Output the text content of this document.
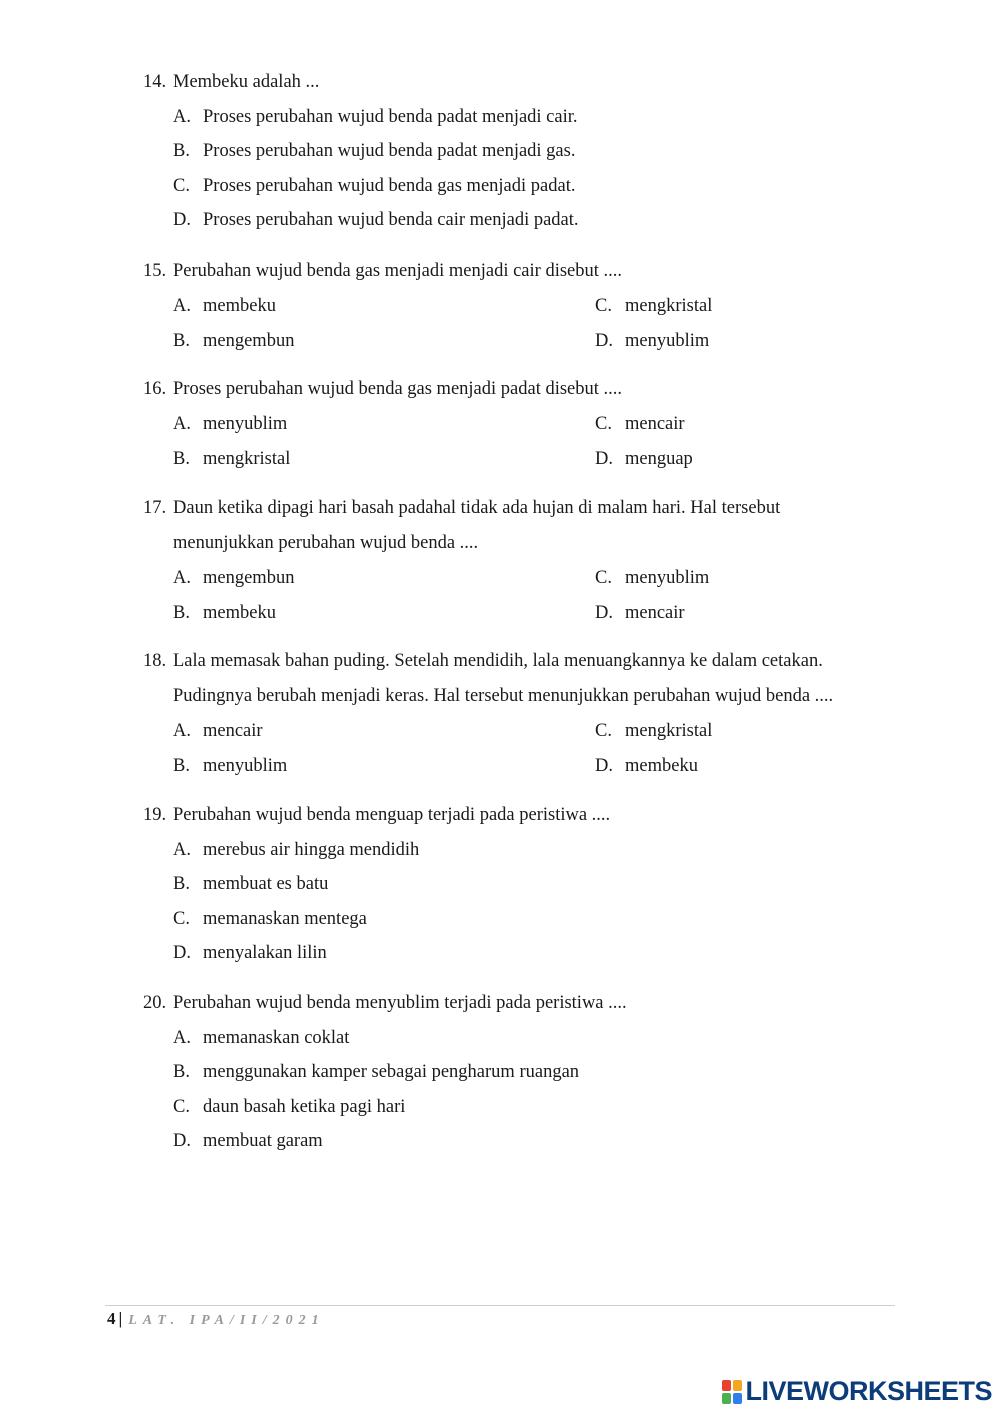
14. Membeku adalah ...
A. Proses perubahan wujud benda padat menjadi cair.
B. Proses perubahan wujud benda padat menjadi gas.
C. Proses perubahan wujud benda gas menjadi padat.
D. Proses perubahan wujud benda cair menjadi padat.
15. Perubahan wujud benda gas menjadi menjadi cair disebut ....
A. membeku	C. mengkristal
B. mengembun	D. menyublim
16. Proses perubahan wujud benda gas menjadi padat disebut ....
A. menyublim	C. mencair
B. mengkristal	D. menguap
17. Daun ketika dipagi hari basah padahal tidak ada hujan di malam hari. Hal tersebut
menunjukkan perubahan wujud benda ....
A. mengembun	C. menyublim
B. membeku	D. mencair
18. Lala memasak bahan puding. Setelah mendidih, lala menuangkannya ke dalam cetakan.
Pudingnya berubah menjadi keras. Hal tersebut menunjukkan perubahan wujud benda ....
A. mencair	C. mengkristal
B. menyublim	D. membeku
19. Perubahan wujud benda menguap terjadi pada peristiwa ....
A. merebus air hingga mendidih
B. membuat es batu
C. memanaskan mentega
D. menyalakan lilin
20. Perubahan wujud benda menyublim terjadi pada peristiwa ....
A. memanaskan coklat
B. menggunakan kamper sebagai pengharum ruangan
C. daun basah ketika pagi hari
D. membuat garam
4 | LAT. IPA/II/2021
LIVEWORKSHEETS
